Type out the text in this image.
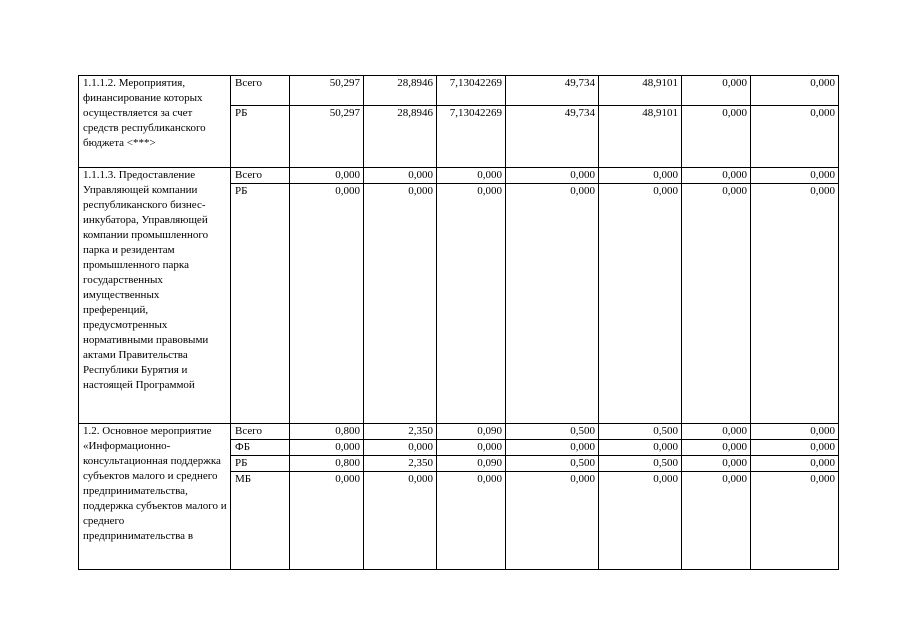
1.1.1.2. Мероприятия, финансирование которых осуществляется за счет средств республиканского бюджета <***>	Всего	50,297	28,8946	7,13042269	49,734	48,9101	0,000	0,000
	РБ	50,297	28,8946	7,13042269	49,734	48,9101	0,000	0,000
1.1.1.3. Предоставление Управляющей компании республиканского бизнес-инкубатора, Управляющей компании промышленного парка и резидентам промышленного парка государственных имущественных преференций, предусмотренных нормативными правовыми актами Правительства Республики Бурятия и настоящей Программой	Всего	0,000	0,000	0,000	0,000	0,000	0,000	0,000
	РБ	0,000	0,000	0,000	0,000	0,000	0,000	0,000
1.2. Основное мероприятие «Информационно-консультационная поддержка субъектов малого и среднего предпринимательства, поддержка субъектов малого и среднего предпринимательства в	Всего	0,800	2,350	0,090	0,500	0,500	0,000	0,000
	ФБ	0,000	0,000	0,000	0,000	0,000	0,000	0,000
	РБ	0,800	2,350	0,090	0,500	0,500	0,000	0,000
	МБ	0,000	0,000	0,000	0,000	0,000	0,000	0,000
